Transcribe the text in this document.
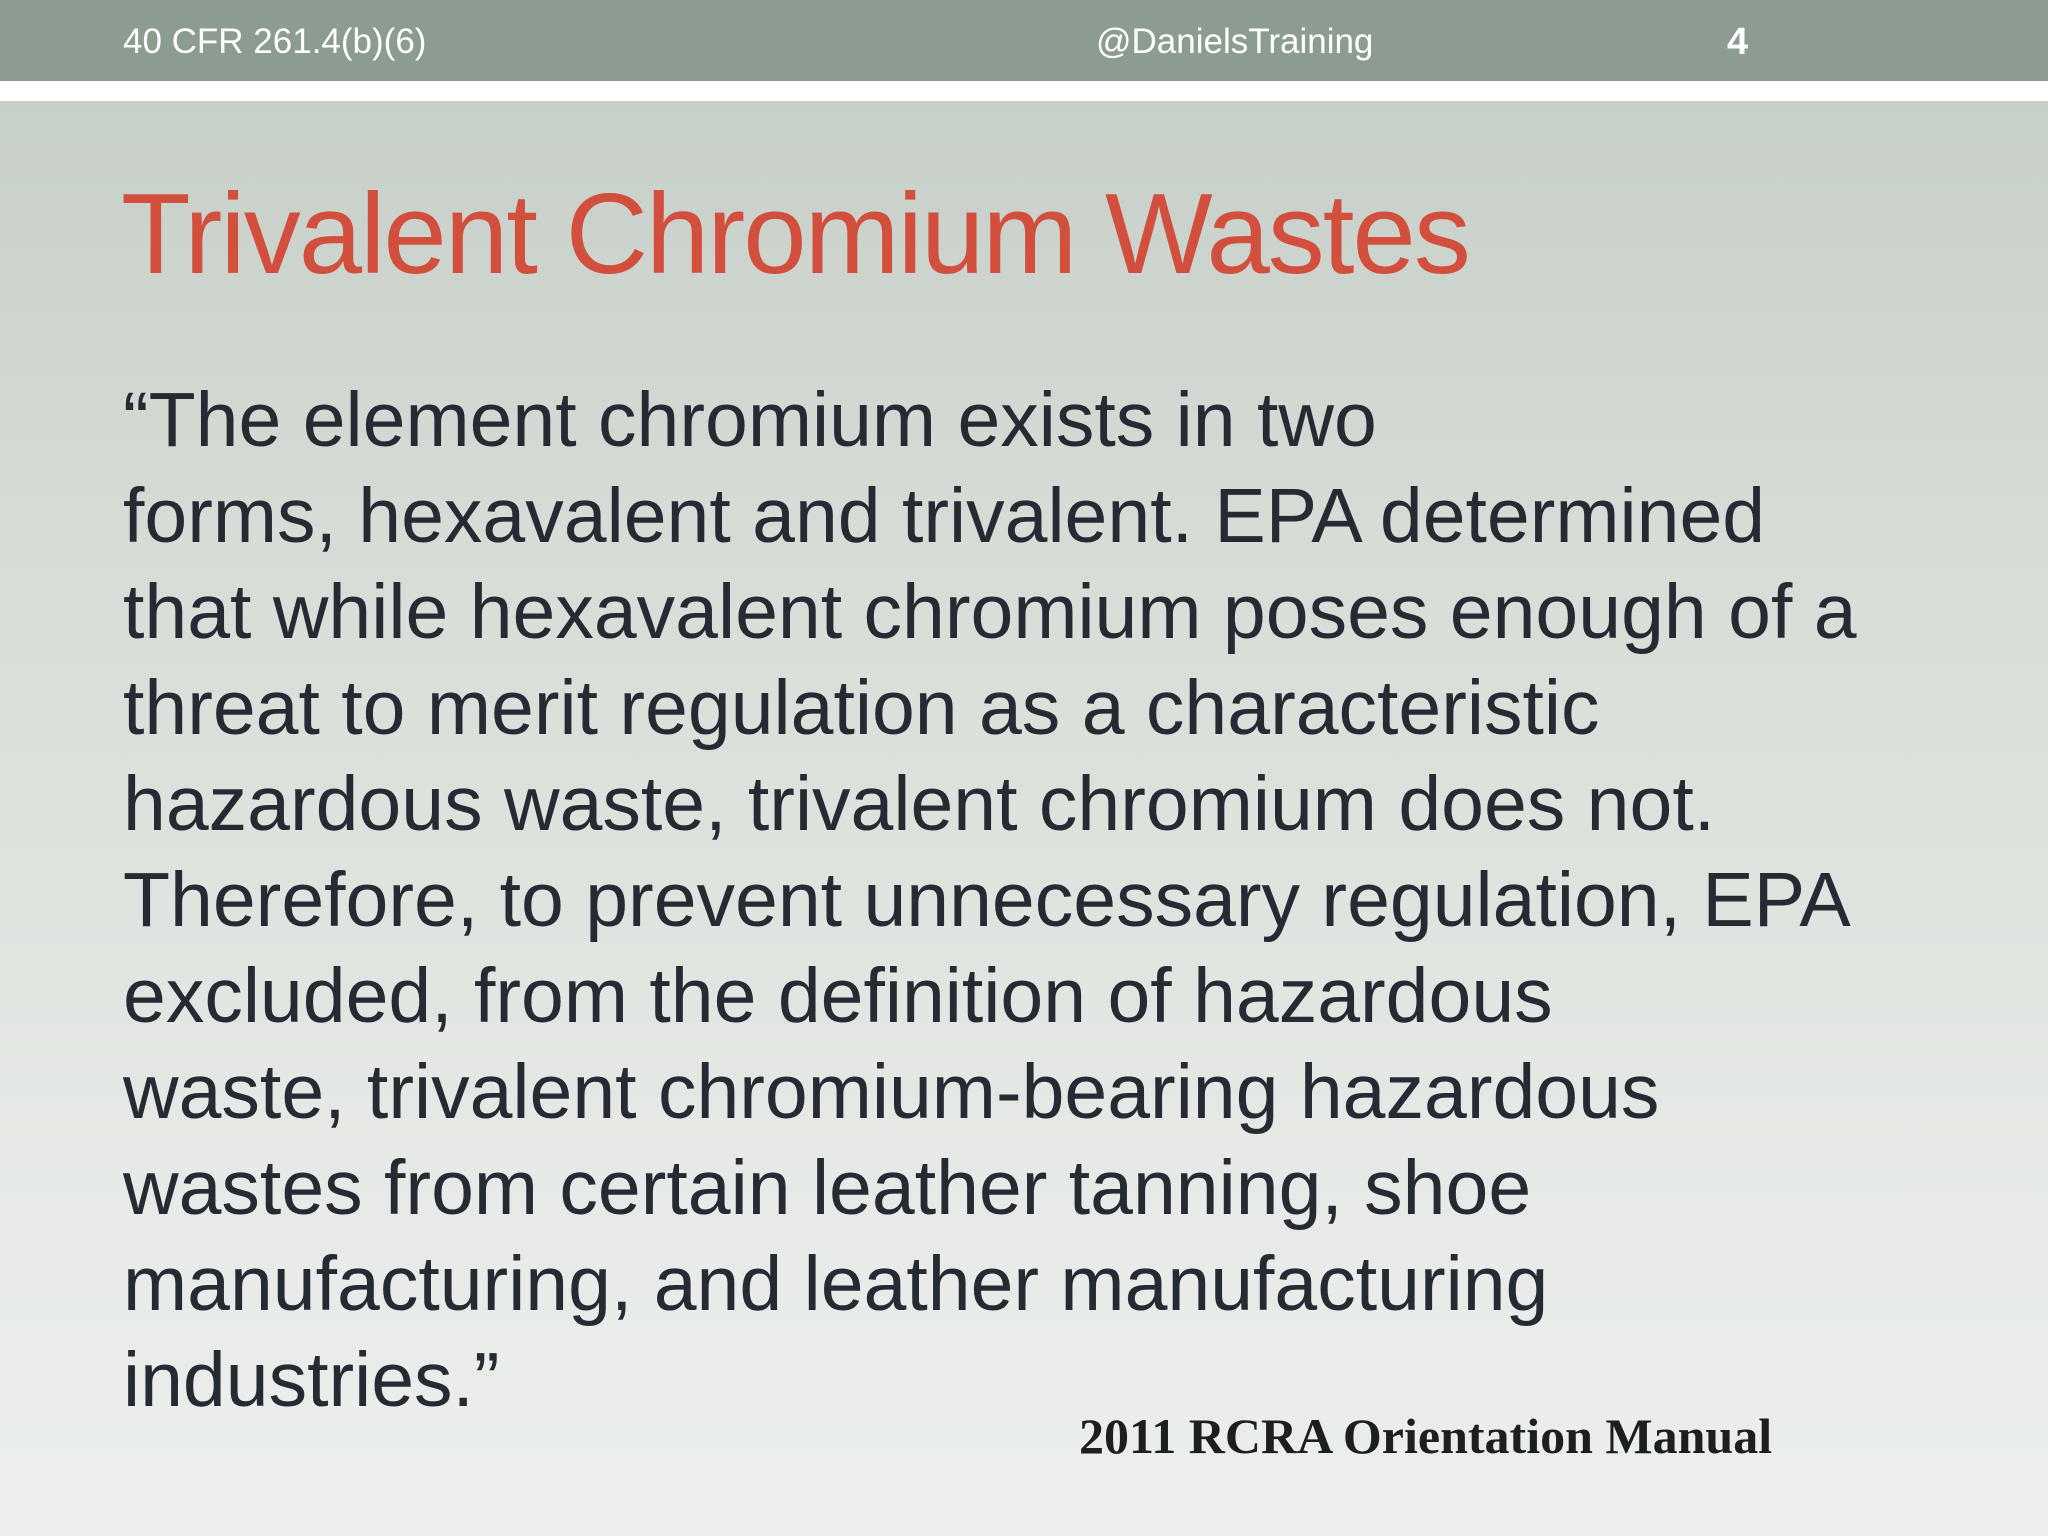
40 CFR 261.4(b)(6)	@DanielsTraining	4
Trivalent Chromium Wastes
“The element chromium exists in two
forms, hexavalent and trivalent. EPA determined
that while hexavalent chromium poses enough of a
threat to merit regulation as a characteristic
hazardous waste, trivalent chromium does not.
Therefore, to prevent unnecessary regulation, EPA
excluded, from the definition of hazardous
waste, trivalent chromium-bearing hazardous
wastes from certain leather tanning, shoe
manufacturing, and leather manufacturing
industries.”
2011 RCRA Orientation Manual
